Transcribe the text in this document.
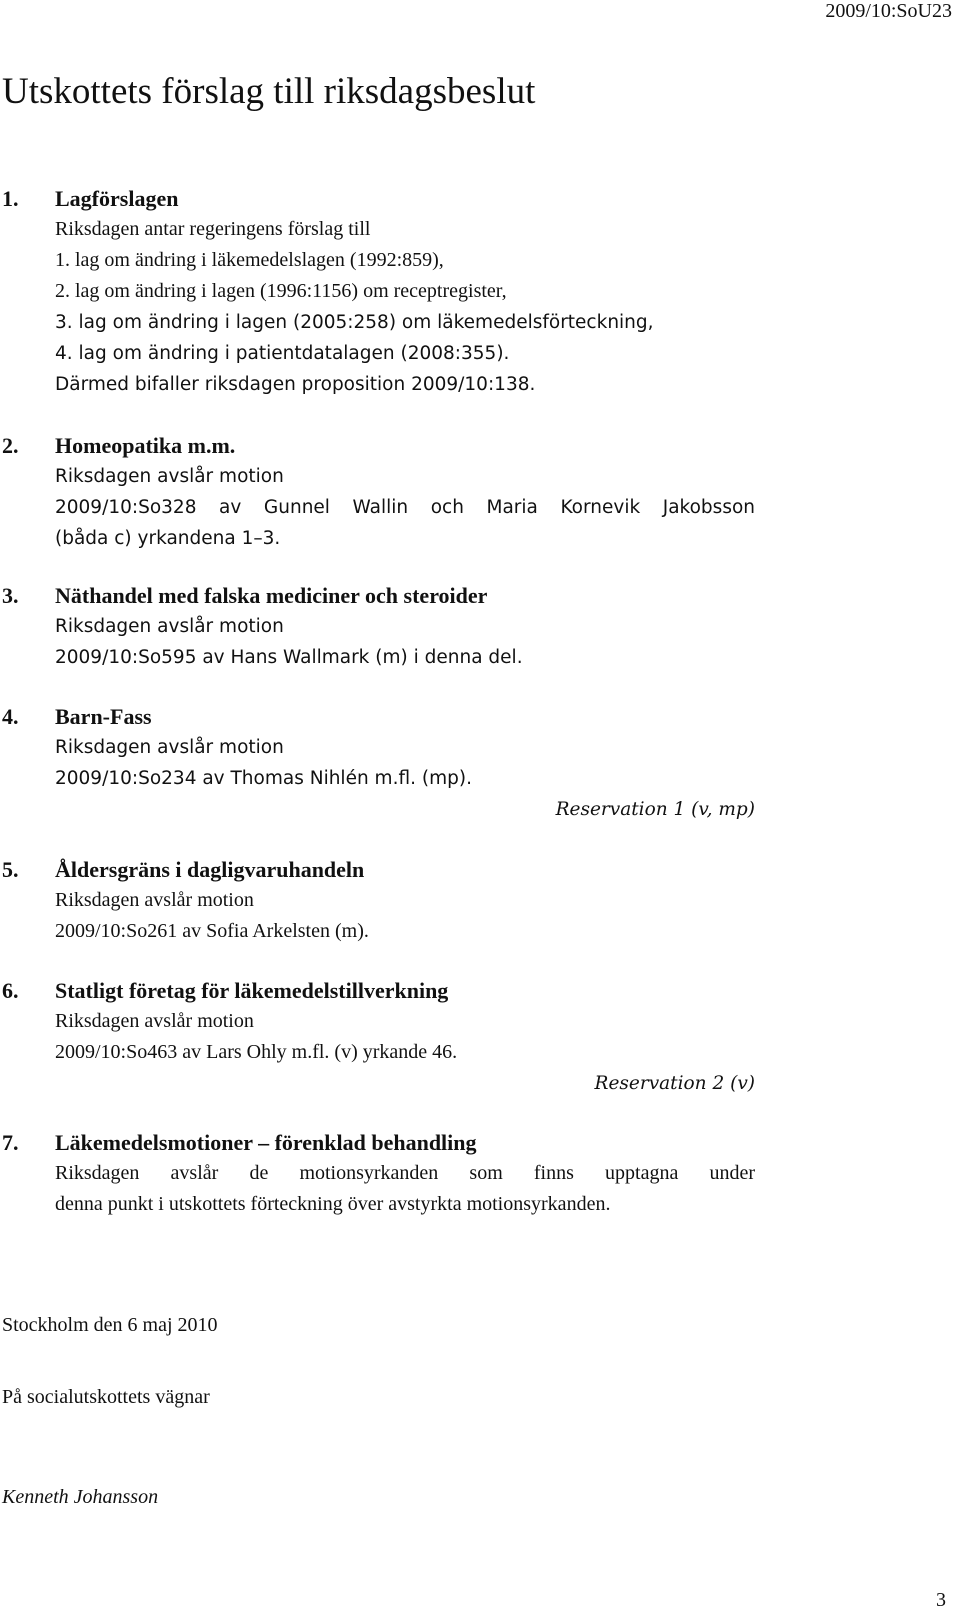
2009/10:SoU23
Utskottets förslag till riksdagsbeslut
1. Lagförslagen
Riksdagen antar regeringens förslag till
1. lag om ändring i läkemedelslagen (1992:859),
2. lag om ändring i lagen (1996:1156) om receptregister,
3. lag om ändring i lagen (2005:258) om läkemedelsförteckning,
4. lag om ändring i patientdatalagen (2008:355).
Därmed bifaller riksdagen proposition 2009/10:138.
2. Homeopatika m.m.
Riksdagen avslår motion
2009/10:So328 av Gunnel Wallin och Maria Kornevik Jakobsson
(båda c) yrkandena 1–3.
3. Näthandel med falska mediciner och steroider
Riksdagen avslår motion
2009/10:So595 av Hans Wallmark (m) i denna del.
4. Barn-Fass
Riksdagen avslår motion
2009/10:So234 av Thomas Nihlén m.fl. (mp).
Reservation 1 (v, mp)
5. Åldersgräns i dagligvaruhandeln
Riksdagen avslår motion
2009/10:So261 av Sofia Arkelsten (m).
6. Statligt företag för läkemedelstillverkning
Riksdagen avslår motion
2009/10:So463 av Lars Ohly m.fl. (v) yrkande 46.
Reservation 2 (v)
7. Läkemedelsmotioner – förenklad behandling
Riksdagen avslår de motionsyrkanden som finns upptagna under
denna punkt i utskottets förteckning över avstyrkta motionsyrkanden.
Stockholm den 6 maj 2010
På socialutskottets vägnar
Kenneth Johansson
3
